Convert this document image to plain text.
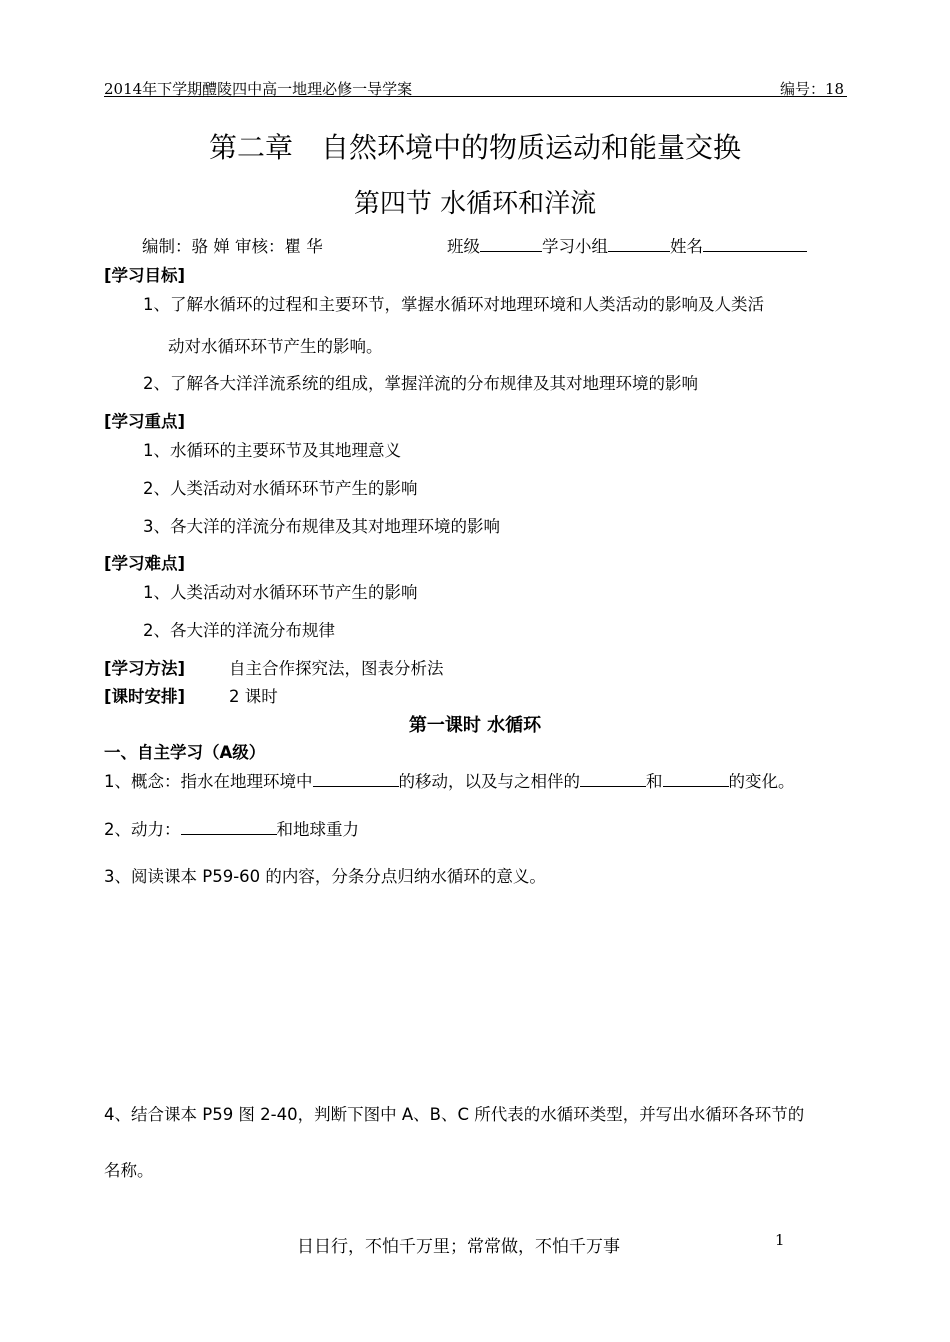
2014年下学期醴陵四中高一地理必修一导学案	编号：18
第二章　自然环境中的物质运动和能量交换
第四节 水循环和洋流
编制：骆 婵 审核：瞿 华	班级	学习小组	姓名
[学习目标]
1、了解水循环的过程和主要环节，掌握水循环对地理环境和人类活动的影响及人类活
动对水循环环节产生的影响。
2、了解各大洋洋流系统的组成，掌握洋流的分布规律及其对地理环境的影响
[学习重点]
1、水循环的主要环节及其地理意义
2、人类活动对水循环环节产生的影响
3、各大洋的洋流分布规律及其对地理环境的影响
[学习难点]
1、人类活动对水循环环节产生的影响
2、各大洋的洋流分布规律
[学习方法]	自主合作探究法，图表分析法
[课时安排]	2 课时
第一课时 水循环
一、自主学习（A级）
1、概念：指水在地理环境中	的移动，以及与之相伴的	和	的变化。
2、动力：	和地球重力
3、阅读课本 P59-60 的内容，分条分点归纳水循环的意义。
4、结合课本 P59 图 2-40，判断下图中 A、B、C 所代表的水循环类型，并写出水循环各环节的
名称。
日日行，不怕千万里；常常做，不怕千万事	1
